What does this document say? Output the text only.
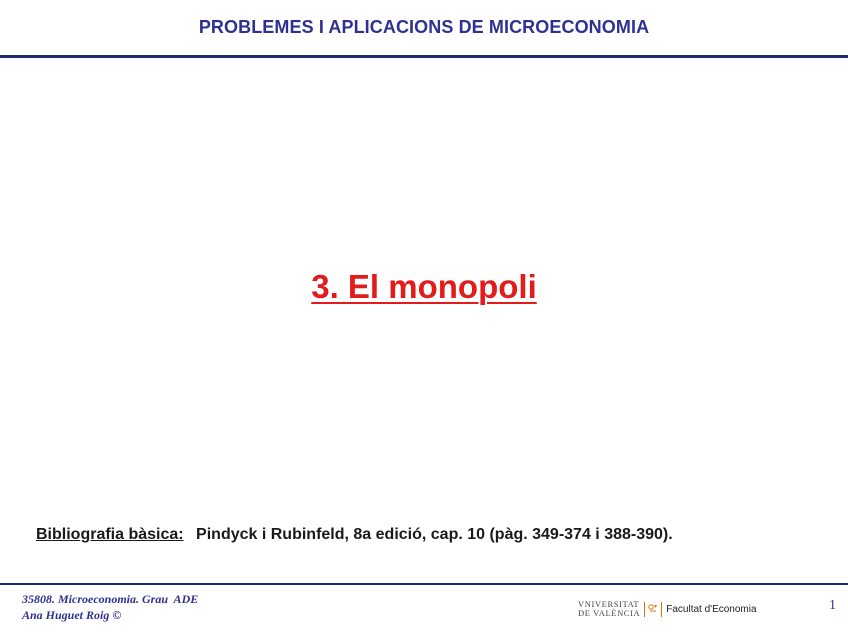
PROBLEMES I APLICACIONS DE MICROECONOMIA
3. El monopoli
Bibliografia bàsica: Pindyck i Rubinfeld, 8a edició, cap. 10 (pàg. 349-374 i 388-390).
35808. Microeconomia. Grau  ADE
Ana Huguet Roig ©
VNIVERSITAT
DE VALÈNCIA	Facultat d'Economia	1
